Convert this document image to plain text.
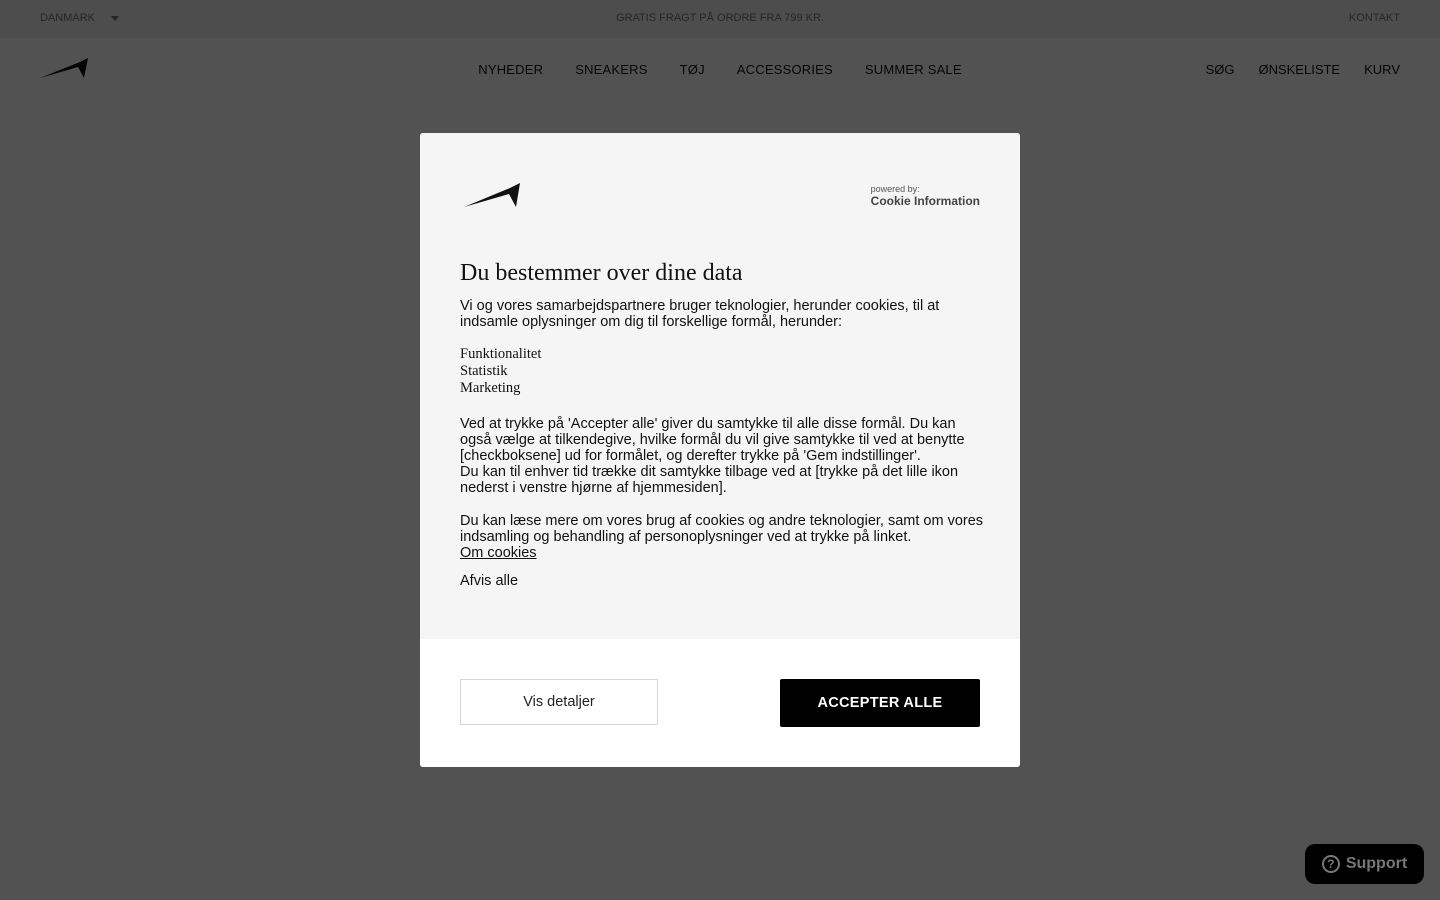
powered by:
Cookie Information
Du bestemmer over dine data

Vi og vores samarbejdspartnere bruger teknologier, herunder cookies, til at indsamle oplysninger om dig til forskellige formål, herunder:

Funktionalitet
Statistik
Marketing
Ved at trykke på 'Accepter alle' giver du samtykke til alle disse formål. Du kan også vælge at tilkendegive, hvilke formål du vil give samtykke til ved at benytte [checkboksene] ud for formålet, og derefter trykke på 'Gem indstillinger'.
Du kan til enhver tid trække dit samtykke tilbage ved at [trykke på det lille ikon nederst i venstre hjørne af hjemmesiden].
Du kan læse mere om vores brug af cookies og andre teknologier, samt om vores indsamling og behandling af personoplysninger ved at trykke på linket.
Om cookies
Afvis alle
Vis detaljer	ACCEPTER ALLE
? Support
